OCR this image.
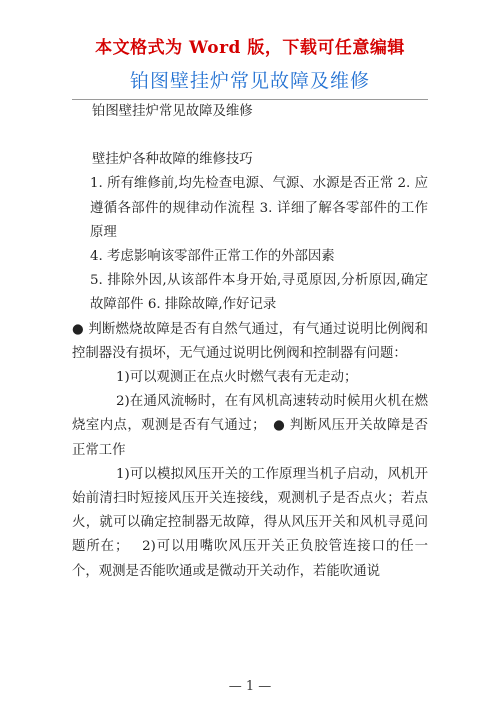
本文格式为 Word 版，下载可任意编辑
铂图壁挂炉常见故障及维修

铂图壁挂炉常见故障及维修

壁挂炉各种故障的维修技巧

1. 所有维修前,均先检查电源、气源、水源是否正常 2. 应遵循各部件的规律动作流程 3. 详细了解各零部件的工作原理

4. 考虑影响该零部件正常工作的外部因素

5. 排除外因,从该部件本身开始,寻觅原因,分析原因,确定故障部件 6. 排除故障,作好记录

● 判断燃烧故障是否有自然气通过，有气通过说明比例阀和控制器没有损坏，无气通过说明比例阀和控制器有问题：

1)可以观测正在点火时燃气表有无走动；

2)在通风流畅时，在有风机高速转动时候用火机在燃烧室内点，观测是否有气通过；　● 判断风压开关故障是否正常工作

1)可以模拟风压开关的工作原理当机子启动，风机开始前清扫时短接风压开关连接线，观测机子是否点火；若点火，就可以确定控制器无故障，得从风压开关和风机寻觅问题所在；　 2)可以用嘴吹风压开关正负胶管连接口的任一个，观测是否能吹通或是微动开关动作，若能吹通说

— 1 —
